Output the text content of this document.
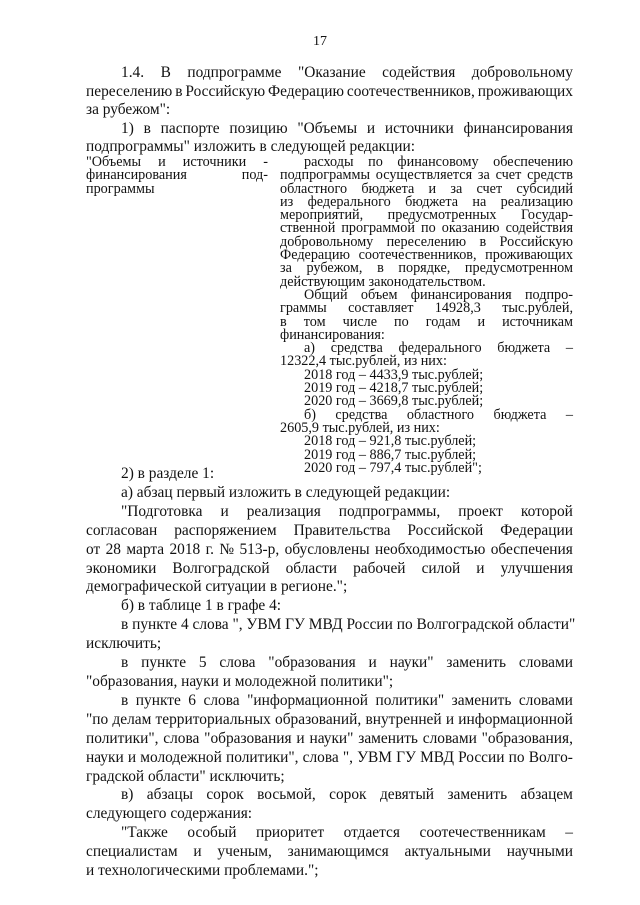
17
1.4. В подпрограмме "Оказание содействия добровольному
переселению в Российскую Федерацию соотечественников, проживающих
за рубежом":
1) в паспорте позицию "Объемы и источники финансирования
подпрограммы" изложить в следующей редакции:
"Объемы и источники -
финансирования	под-
программы
расходы по финансовому обеспечению
подпрограммы осуществляется за счет средств
областного бюджета и за счет субсидий
из федерального бюджета на реализацию
мероприятий, предусмотренных Государ-
ственной программой по оказанию содействия
добровольному переселению в Российскую
Федерацию соотечественников, проживающих
за рубежом, в порядке, предусмотренном
действующим законодательством.
Общий объем финансирования подпро-
граммы составляет 14928,3 тыс.рублей,
в том числе по годам и источникам
финансирования:
а) средства федерального бюджета –
12322,4 тыс.рублей, из них:
2018 год – 4433,9 тыс.рублей;
2019 год – 4218,7 тыс.рублей;
2020 год – 3669,8 тыс.рублей;
б) средства областного бюджета –
2605,9 тыс.рублей, из них:
2018 год – 921,8 тыс.рублей;
2019 год – 886,7 тыс.рублей;
2020 год – 797,4 тыс.рублей";
2) в разделе 1:
а) абзац первый изложить в следующей редакции:
"Подготовка и реализация подпрограммы, проект которой
согласован распоряжением Правительства Российской Федерации
от 28 марта 2018 г. № 513-р, обусловлены необходимостью обеспечения
экономики Волгоградской области рабочей силой и улучшения
демографической ситуации в регионе.";
б) в таблице 1 в графе 4:
в пункте 4 слова ", УВМ ГУ МВД России по Волгоградской области"
исключить;
в пункте 5 слова "образования и науки" заменить словами
"образования, науки и молодежной политики";
в пункте 6 слова "информационной политики" заменить словами
"по делам территориальных образований, внутренней и информационной
политики", слова "образования и науки" заменить словами "образования,
науки и молодежной политики", слова ", УВМ ГУ МВД России по Волго-
градской области" исключить;
в) абзацы сорок восьмой, сорок девятый заменить абзацем
следующего содержания:
"Также особый приоритет отдается соотечественникам –
специалистам и ученым, занимающимся актуальными научными
и технологическими проблемами.";
